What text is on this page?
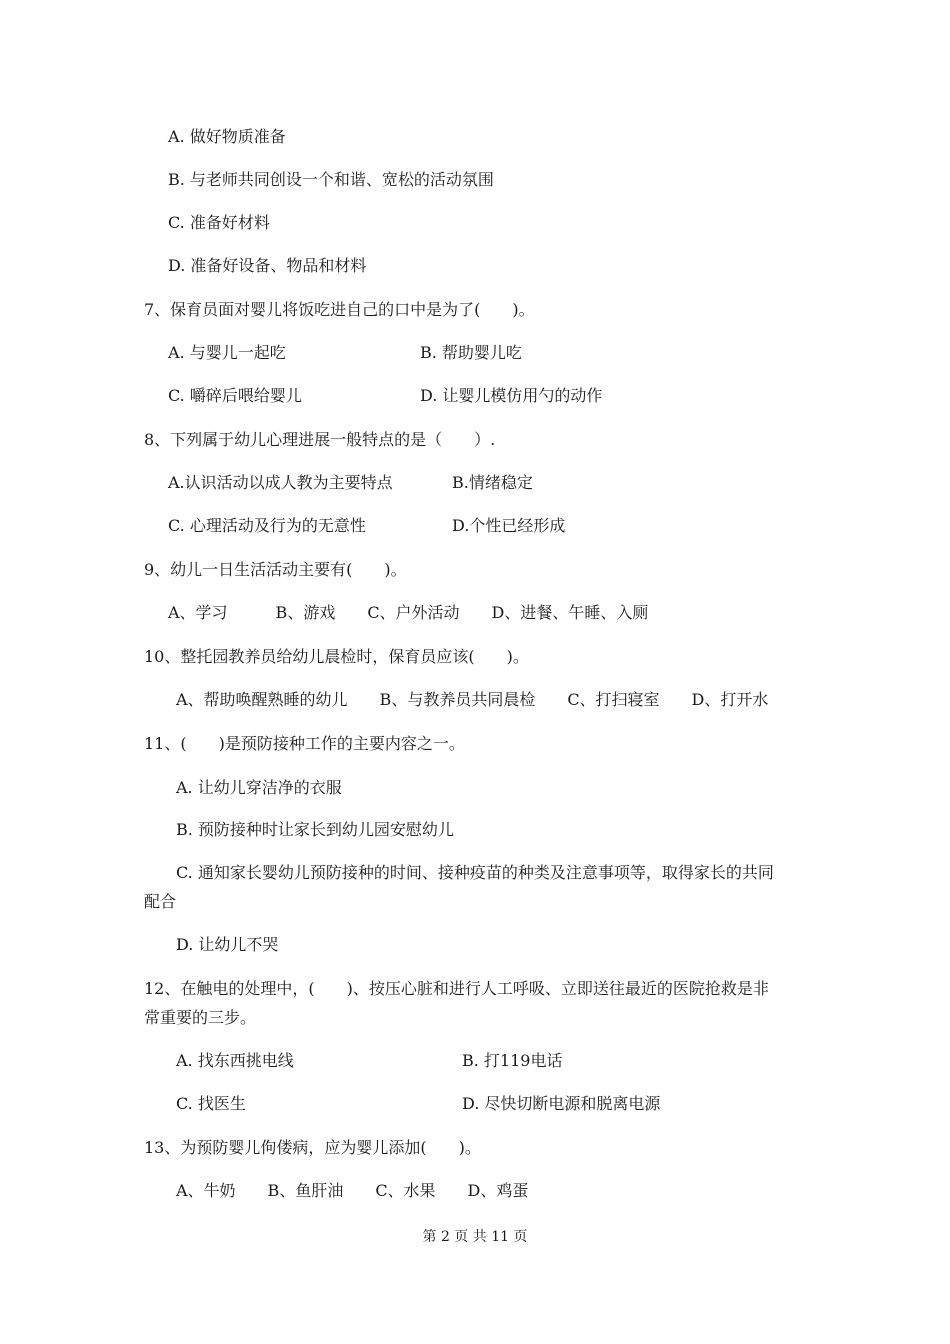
A. 做好物质准备
B. 与老师共同创设一个和谐、宽松的活动氛围
C. 准备好材料
D. 准备好设备、物品和材料
7、保育员面对婴儿将饭吃进自己的口中是为了(　　)。
A. 与婴儿一起吃	B. 帮助婴儿吃
C. 嚼碎后喂给婴儿	D. 让婴儿模仿用勺的动作
8、下列属于幼儿心理进展一般特点的是（　　）.
A.认识活动以成人教为主要特点	B.情绪稳定
C. 心理活动及行为的无意性	D.个性已经形成
9、幼儿一日生活活动主要有(　　)。
A、学习　　　B、游戏　　C、户外活动　　D、进餐、午睡、入厕
10、整托园教养员给幼儿晨检时，保育员应该(　　)。
A、帮助唤醒熟睡的幼儿　　B、与教养员共同晨检　　C、打扫寝室　　D、打开水
11、(　　)是预防接种工作的主要内容之一。
A. 让幼儿穿洁净的衣服
B. 预防接种时让家长到幼儿园安慰幼儿
C. 通知家长婴幼儿预防接种的时间、接种疫苗的种类及注意事项等，取得家长的共同
配合
D. 让幼儿不哭
12、在触电的处理中，(　　)、按压心脏和进行人工呼吸、立即送往最近的医院抢救是非
常重要的三步。
A. 找东西挑电线	B. 打119电话
C. 找医生	D. 尽快切断电源和脱离电源
13、为预防婴儿佝偻病，应为婴儿添加(　　)。
A、牛奶　　B、鱼肝油　　C、水果　　D、鸡蛋
第 2 页 共 11 页
